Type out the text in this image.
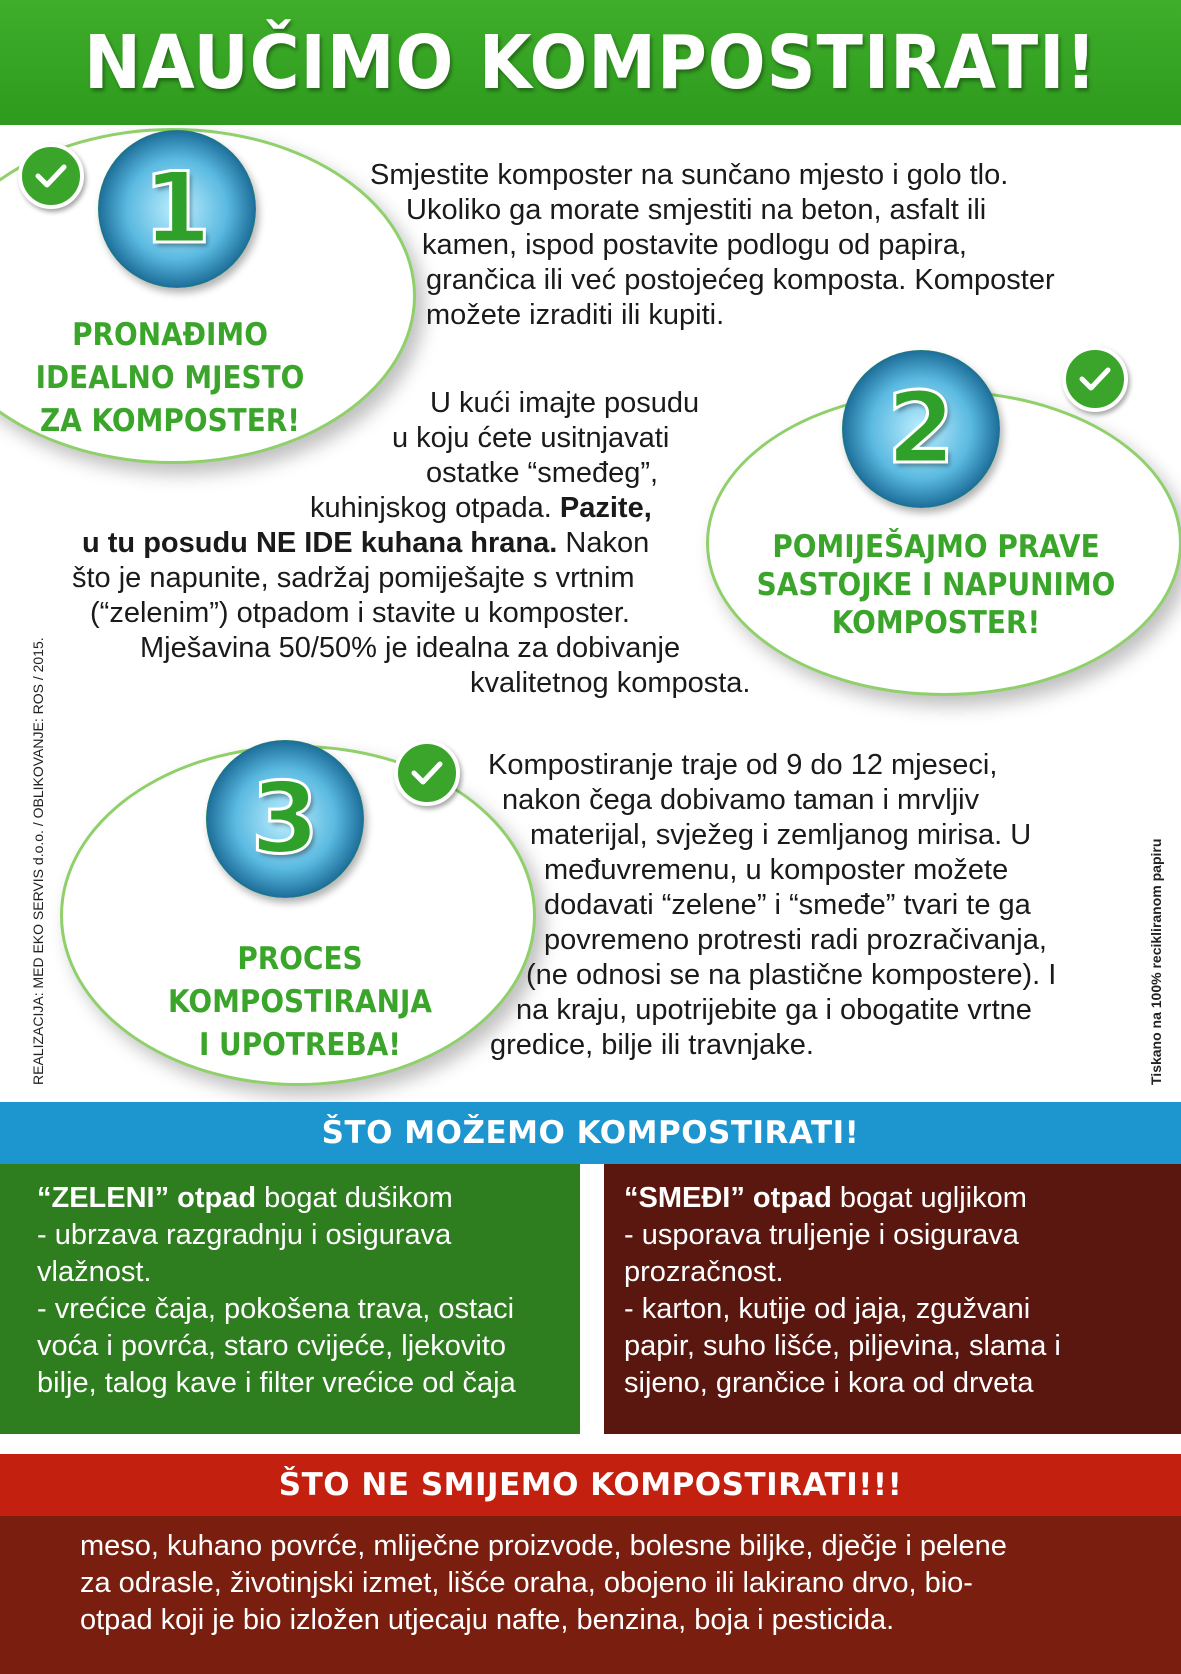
NAUČIMO KOMPOSTIRATI!
1
PRONAĐIMO
IDEALNO MJESTO
ZA KOMPOSTER!

Smjestite komposter na sunčano mjesto i golo tlo.

Ukoliko ga morate smjestiti na beton, asfalt ili

kamen, ispod postavite podlogu od papira,

grančica ili već postojećeg komposta. Komposter

možete izraditi ili kupiti.

2
POMIJEŠAJMO PRAVE
SASTOJKE I NAPUNIMO
KOMPOSTER!

U kući imajte posudu

u koju ćete usitnjavati

ostatke “smeđeg”,

kuhinjskog otpada. Pazite,

u tu posudu NE IDE kuhana hrana. Nakon

što je napunite, sadržaj pomiješajte s vrtnim

(“zelenim”) otpadom i stavite u komposter.

Mješavina 50/50% je idealna za dobivanje

kvalitetnog komposta.

3
PROCES
KOMPOSTIRANJA
I UPOTREBA!

Kompostiranje traje od 9 do 12 mjeseci,

nakon čega dobivamo taman i mrvljiv

materijal, svježeg i zemljanog mirisa. U

međuvremenu, u komposter možete

dodavati “zelene” i “smeđe” tvari te ga

povremeno protresti radi prozračivanja,

(ne odnosi se na plastične kompostere). I

na kraju, upotrijebite ga i obogatite vrtne

gredice, bilje ili travnjake.

REALIZACIJA: MED EKO SERVIS d.o.o. / OBLIKOVANJE: ROS / 2015.	Tiskano na 100% recikliranom papiru
ŠTO MOŽEMO KOMPOSTIRATI!

“ZELENI” otpad bogat dušikom

- ubrzava razgradnju i osigurava

vlažnost.

- vrećice čaja, pokošena trava, ostaci

voća i povrća, staro cvijeće, ljekovito

bilje, talog kave i filter vrećice od čaja

“SMEĐI” otpad bogat ugljikom

- usporava truljenje i osigurava

prozračnost.

- karton, kutije od jaja, zgužvani

papir, suho lišće, piljevina, slama i

sijeno, grančice i kora od drveta

ŠTO NE SMIJEMO KOMPOSTIRATI!!!

meso, kuhano povrće, mliječne proizvode, bolesne biljke, dječje i pelene

za odrasle, životinjski izmet, lišće oraha, obojeno ili lakirano drvo, bio-

otpad koji je bio izložen utjecaju nafte, benzina, boja i pesticida.
